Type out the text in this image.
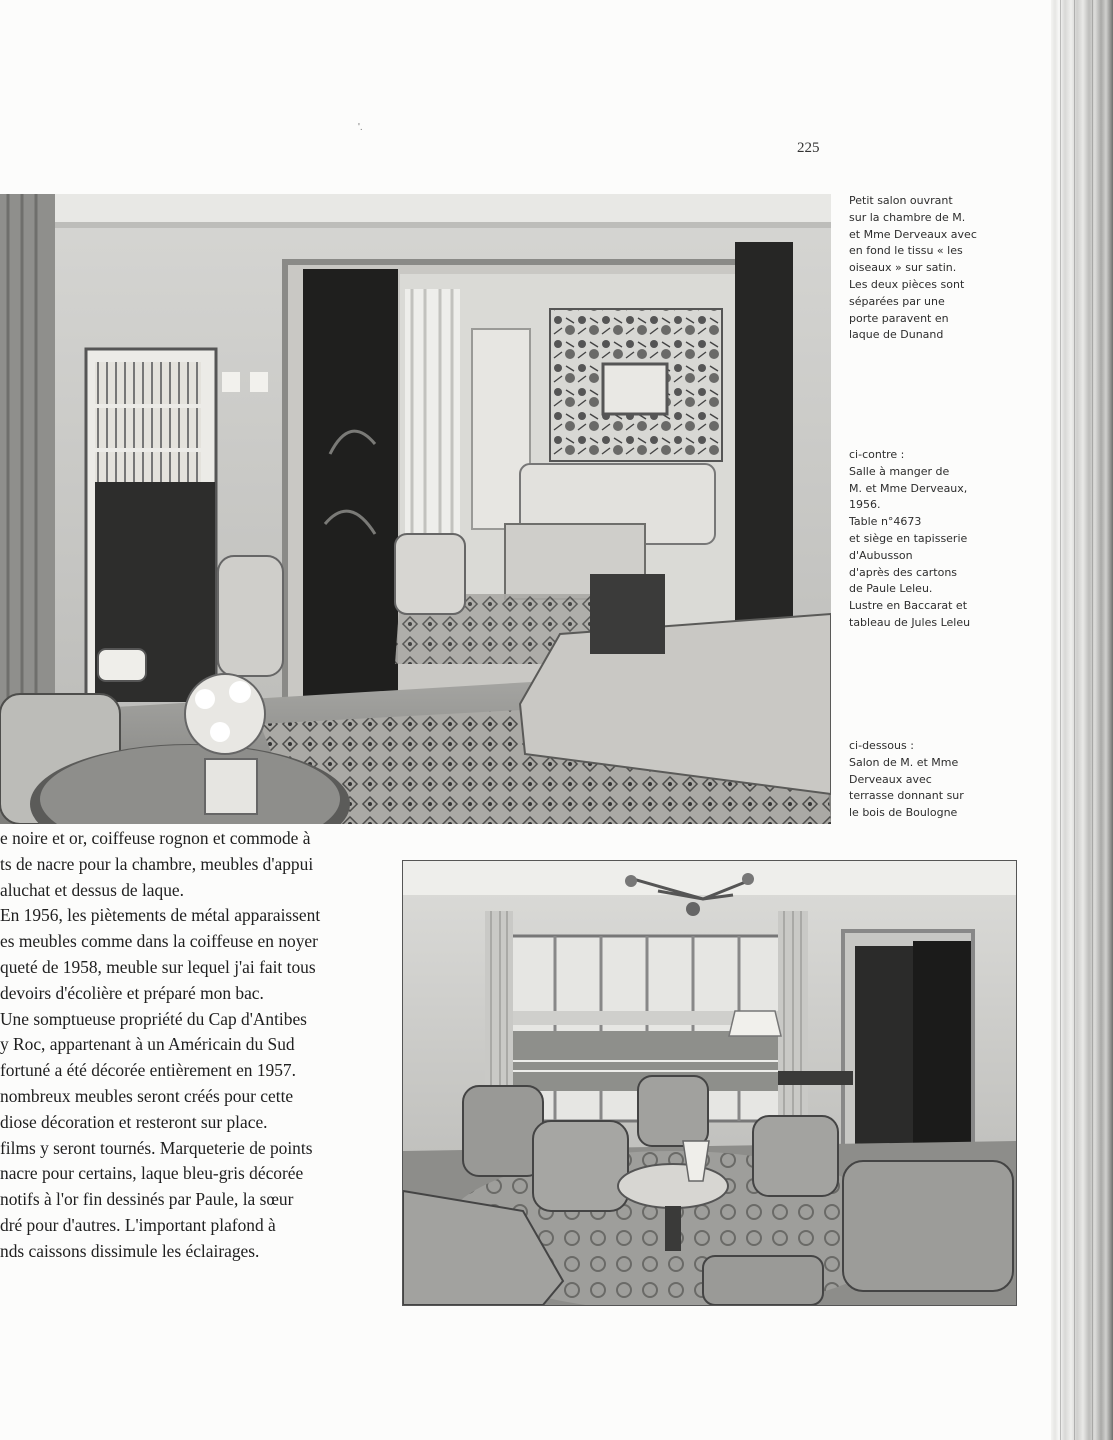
'.
225
Petit salon ouvrant
sur la chambre de M.
et Mme Derveaux avec
en fond le tissu « les
oiseaux » sur satin.
Les deux pièces sont
séparées par une
porte paravent en
laque de Dunand
ci-contre :
Salle à manger de
M. et Mme Derveaux,
1956.
Table n°4673
et siège en tapisserie
d'Aubusson
d'après des cartons
de Paule Leleu.
Lustre en Baccarat et
tableau de Jules Leleu
ci-dessous :
Salon de M. et Mme
Derveaux avec
terrasse donnant sur
le bois de Boulogne

e noire et or, coiffeuse rognon et commode à

ts de nacre pour la chambre, meubles d'appui

aluchat et dessus de laque.

En 1956, les piètements de métal apparaissent

es meubles comme dans la coiffeuse en noyer

queté de 1958, meuble sur lequel j'ai fait tous

devoirs d'écolière et préparé mon bac.

Une somptueuse propriété du Cap d'Antibes

y Roc, appartenant à un Américain du Sud

fortuné a été décorée entièrement en 1957.

nombreux meubles seront créés pour cette

diose décoration et resteront sur place.

films y seront tournés. Marqueterie de points

nacre pour certains, laque bleu-gris décorée

notifs à l'or fin dessinés par Paule, la sœur

dré pour d'autres. L'important plafond à

nds caissons dissimule les éclairages.
